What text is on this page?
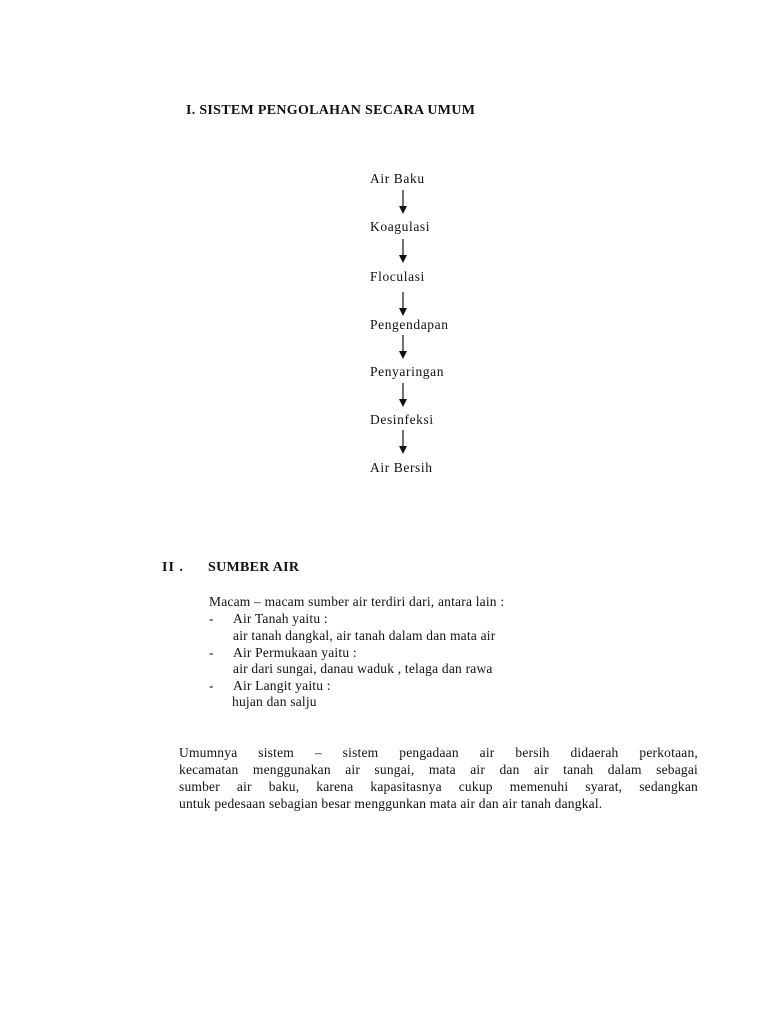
I. SISTEM PENGOLAHAN SECARA UMUM
Air Baku
Koagulasi
Floculasi
Pengendapan
Penyaringan
Desinfeksi
Air Bersih
II . SUMBER AIR
Macam – macam sumber air terdiri dari, antara lain :
- Air Tanah yaitu :
air tanah dangkal, air tanah dalam dan mata air
- Air Permukaan yaitu :
air dari sungai, danau waduk , telaga dan rawa
- Air Langit yaitu :
hujan dan salju

Umumnya sistem – sistem pengadaan air bersih didaerah perkotaan,

kecamatan menggunakan air sungai, mata air dan air tanah dalam sebagai

sumber air baku, karena kapasitasnya cukup memenuhi syarat, sedangkan

untuk pedesaan sebagian besar menggunkan mata air dan air tanah dangkal.
